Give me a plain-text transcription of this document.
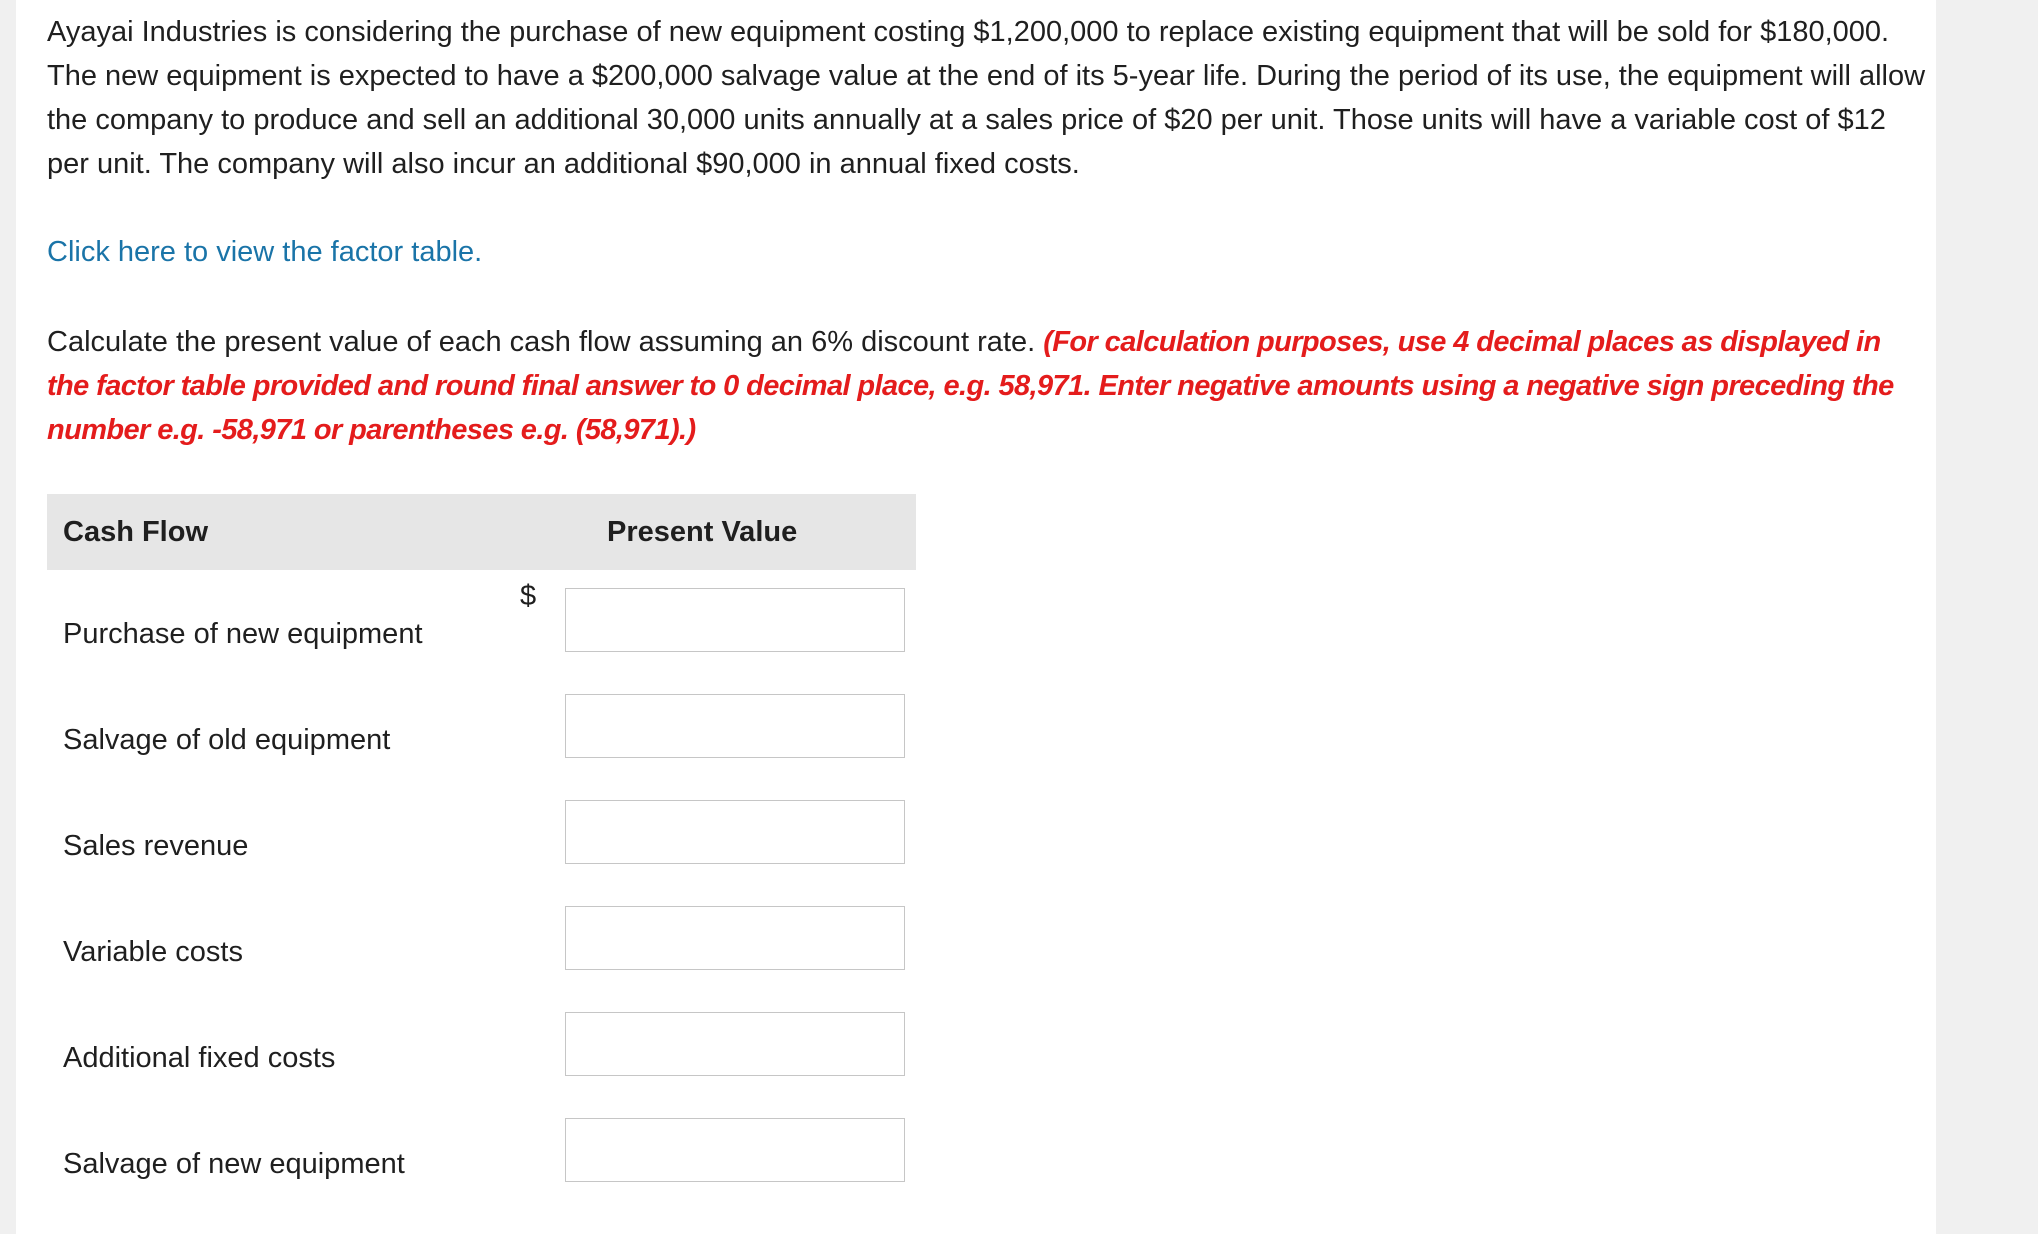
Ayayai Industries is considering the purchase of new equipment costing $1,200,000 to replace existing equipment that will be sold for $180,000. The new equipment is expected to have a $200,000 salvage value at the end of its 5-year life. During the period of its use, the equipment will allow the company to produce and sell an additional 30,000 units annually at a sales price of $20 per unit. Those units will have a variable cost of $12 per unit. The company will also incur an additional $90,000 in annual fixed costs.

Click here to view the factor table.

Calculate the present value of each cash flow assuming an 6% discount rate. (For calculation purposes, use 4 decimal places as displayed in the factor table provided and round final answer to 0 decimal place, e.g. 58,971. Enter negative amounts using a negative sign preceding the number e.g. -58,971 or parentheses e.g. (58,971).)

Cash Flow	Present Value
Purchase of new equipment
$
Salvage of old equipment
Sales revenue
Variable costs
Additional fixed costs
Salvage of new equipment
